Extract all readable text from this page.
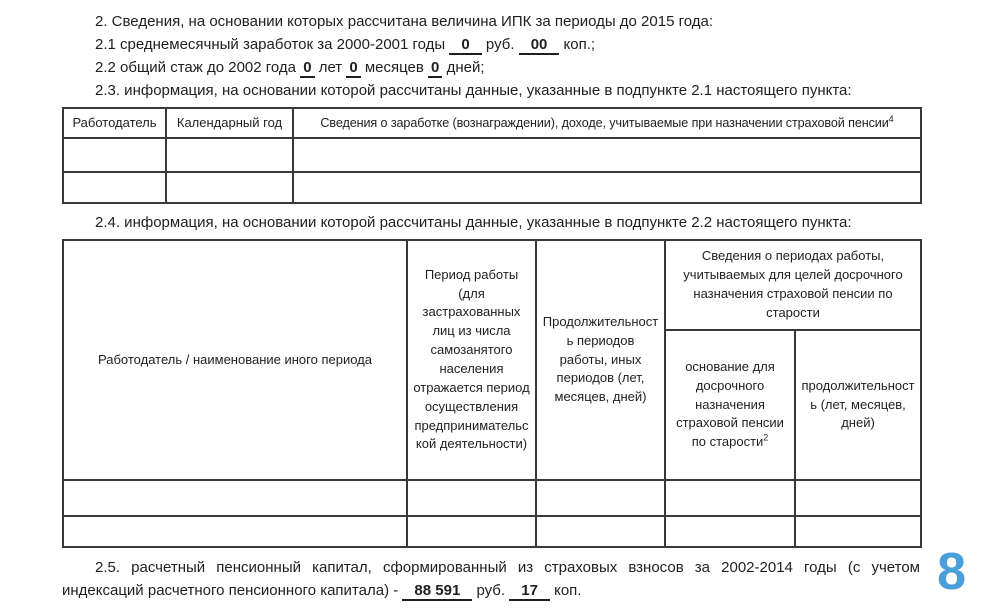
2. Сведения, на основании которых рассчитана величина ИПК за периоды до 2015 года:

2.1 среднемесячный заработок за 2000-2001 годы 0 руб. 00 коп.;

2.2 общий стаж до 2002 года 0 лет 0 месяцев 0 дней;

2.3. информация, на основании которой рассчитаны данные, указанные в подпункте 2.1 настоящего пункта:

Работодатель	Календарный год	Сведения о заработке (вознаграждении), доходе, учитываемые при назначении страховой пенсии$^4$

2.4. информация, на основании которой рассчитаны данные, указанные в подпункте 2.2 настоящего пункта:

Работодатель / наименование иного периода	Период работы (для застрахованных лиц из числа самозанятого населения отражается период осуществления предпринимательской деятельности)	Продолжительность периодов работы, иных периодов (лет, месяцев, дней)	Сведения о периодах работы, учитываемых для целей досрочного назначения страховой пенсии по старости	
			основание для досрочного назначения страховой пенсии по старости$^2$	продолжительность (лет, месяцев, дней)

2.5. расчетный пенсионный капитал, сформированный из страховых взносов за 2002-2014 годы (с учетом индексаций расчетного пенсионного капитала) - 88 591 руб. 17 коп.	8
